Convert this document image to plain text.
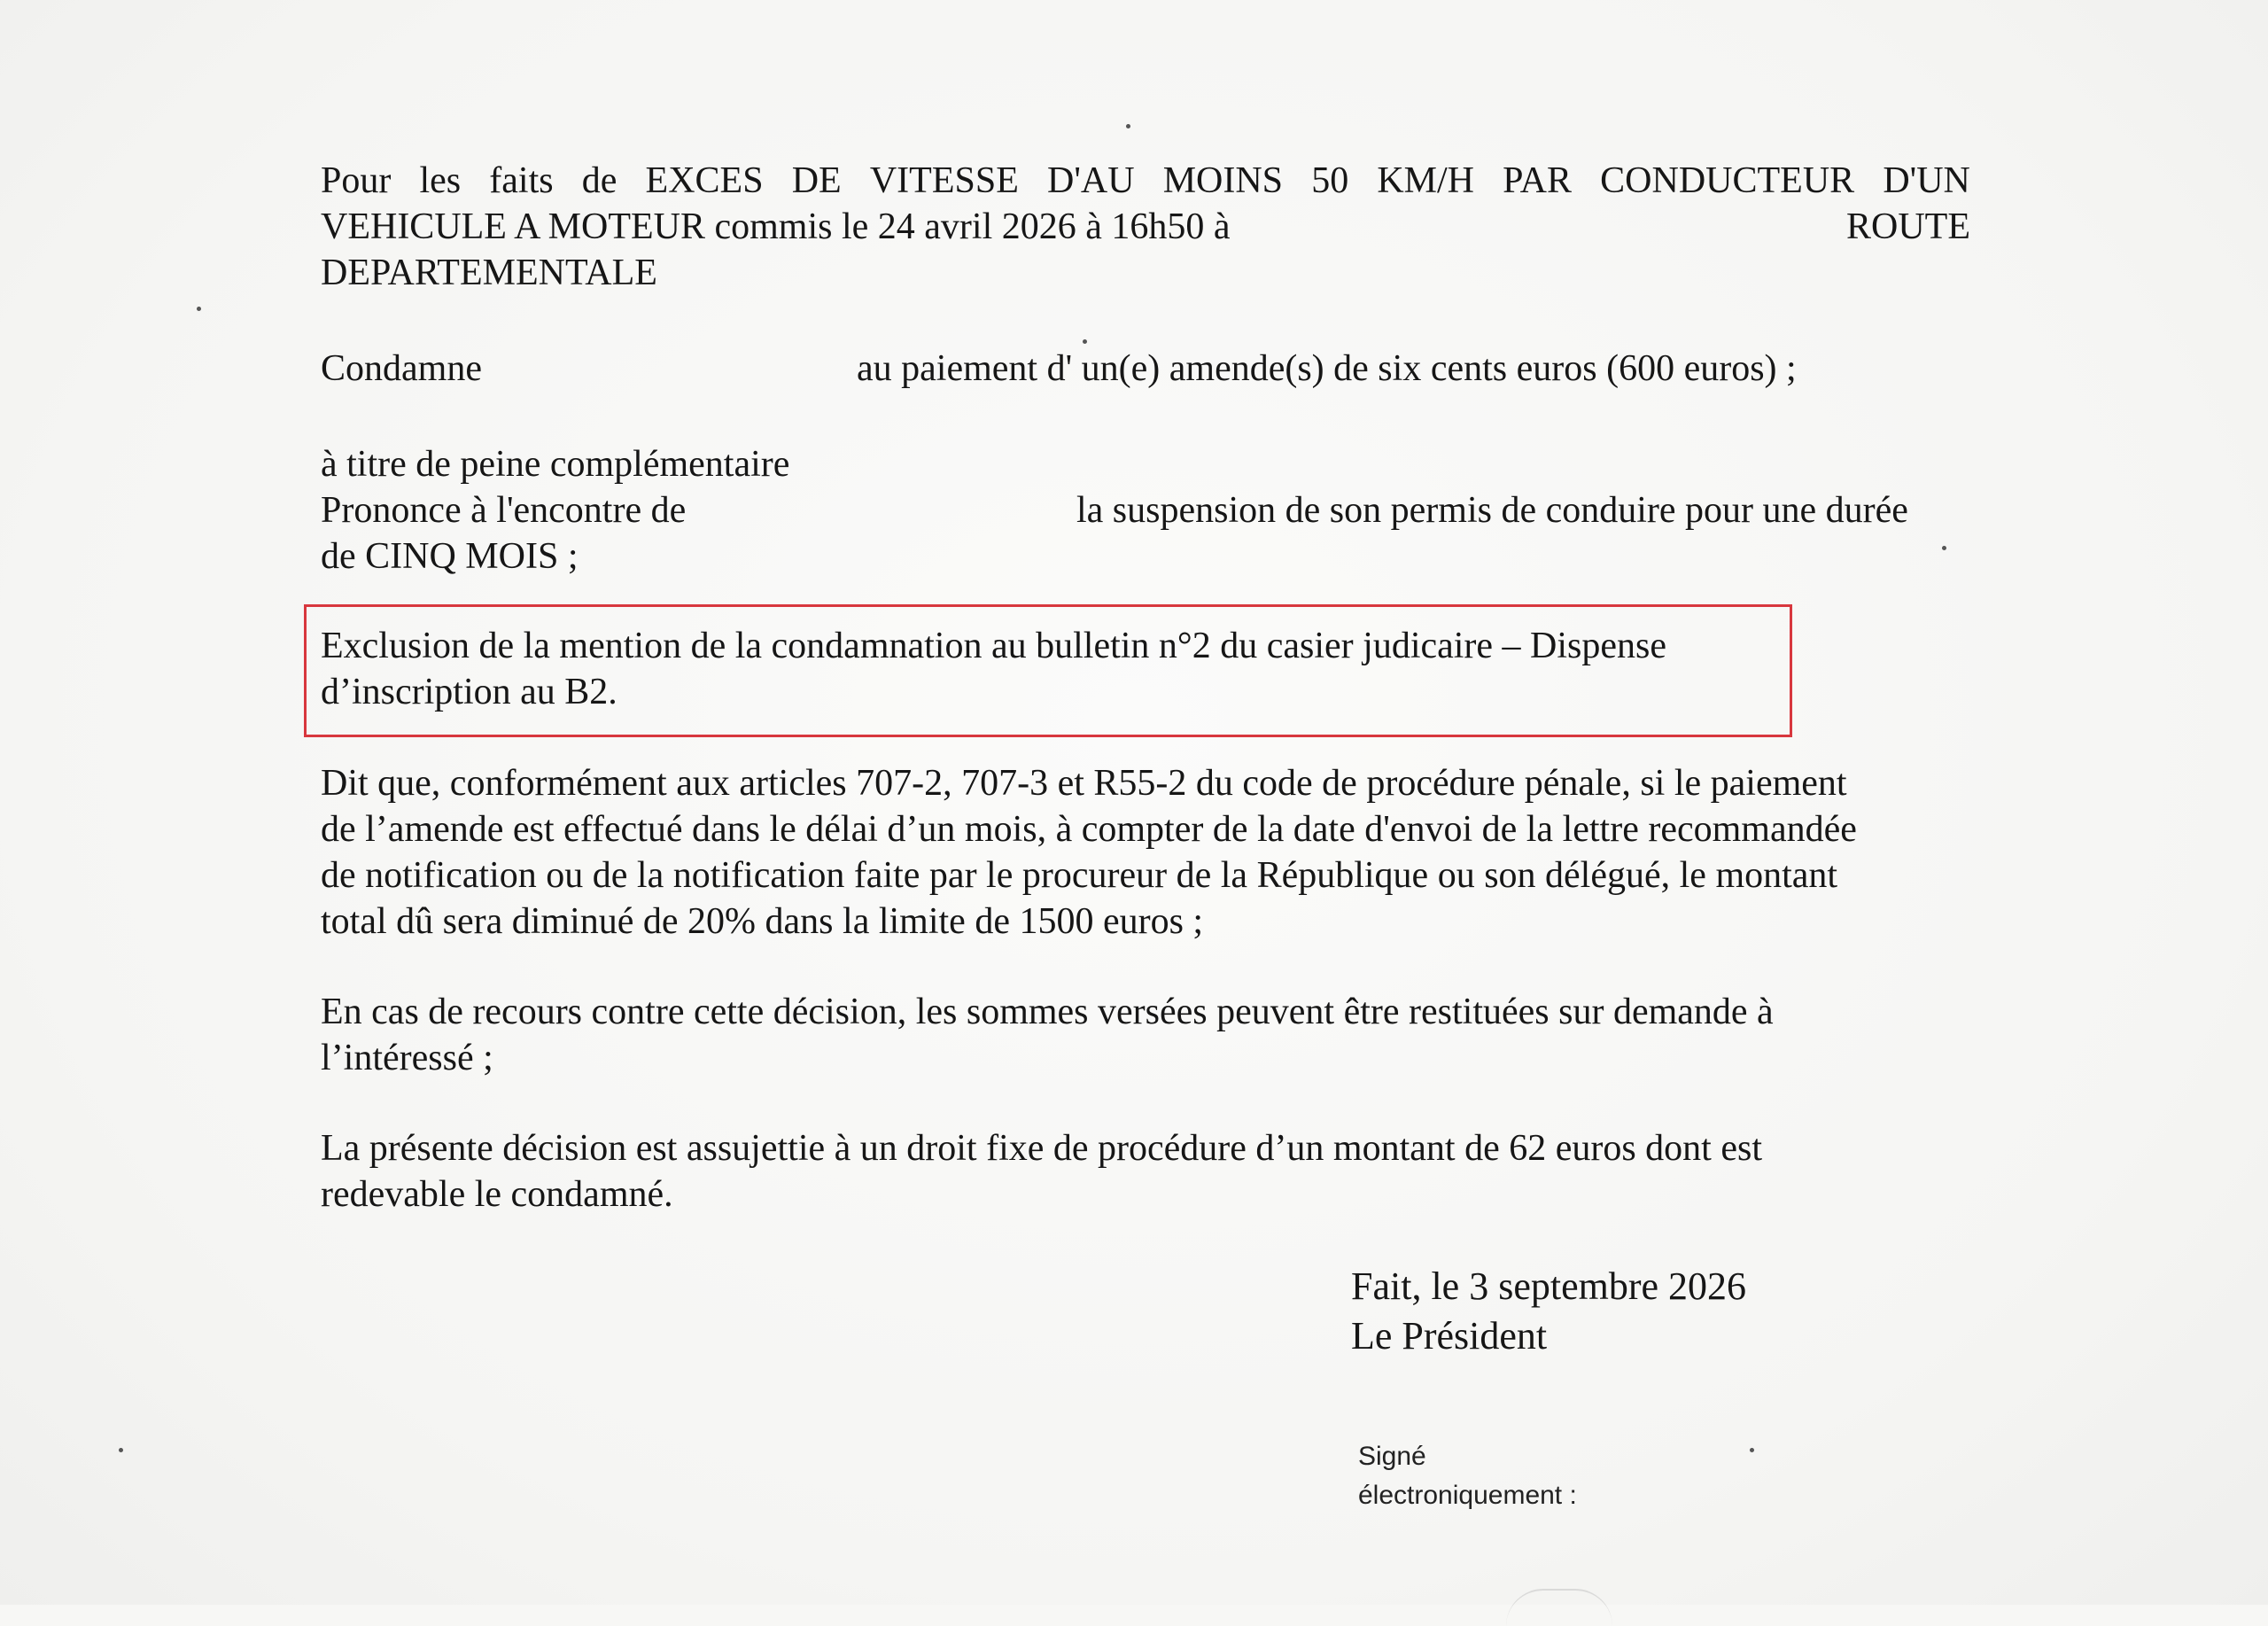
Pour les faits de EXCES DE VITESSE D'AU MOINS 50 KM/H PAR CONDUCTEUR D'UN
VEHICULE A MOTEUR commis le 24 avril 2026 à 16h50 à	ROUTE
DEPARTEMENTALE
Condamne	au paiement d' un(e) amende(s) de six cents euros (600 euros) ;
à titre de peine complémentaire
Prononce à l'encontre de	la suspension de son permis de conduire pour une durée
de CINQ MOIS ;
Dit que, conformément aux articles 707-2, 707-3 et R55-2 du code de procédure pénale, si le paiement
de l’amende est effectué dans le délai d’un mois, à compter de la date d'envoi de la lettre recommandée
de notification ou de la notification faite par le procureur de la République ou son délégué, le montant
total dû sera diminué de 20% dans la limite de 1500 euros ;
En cas de recours contre cette décision, les sommes versées peuvent être restituées sur demande à
l’intéressé ;
La présente décision est assujettie à un droit fixe de procédure d’un montant de 62 euros dont est
redevable le condamné.
Exclusion de la mention de la condamnation au bulletin n°2 du casier judicaire – Dispense
d’inscription au B2.
Fait, le 3 septembre 2026
Le Président
Signé
électroniquement :
